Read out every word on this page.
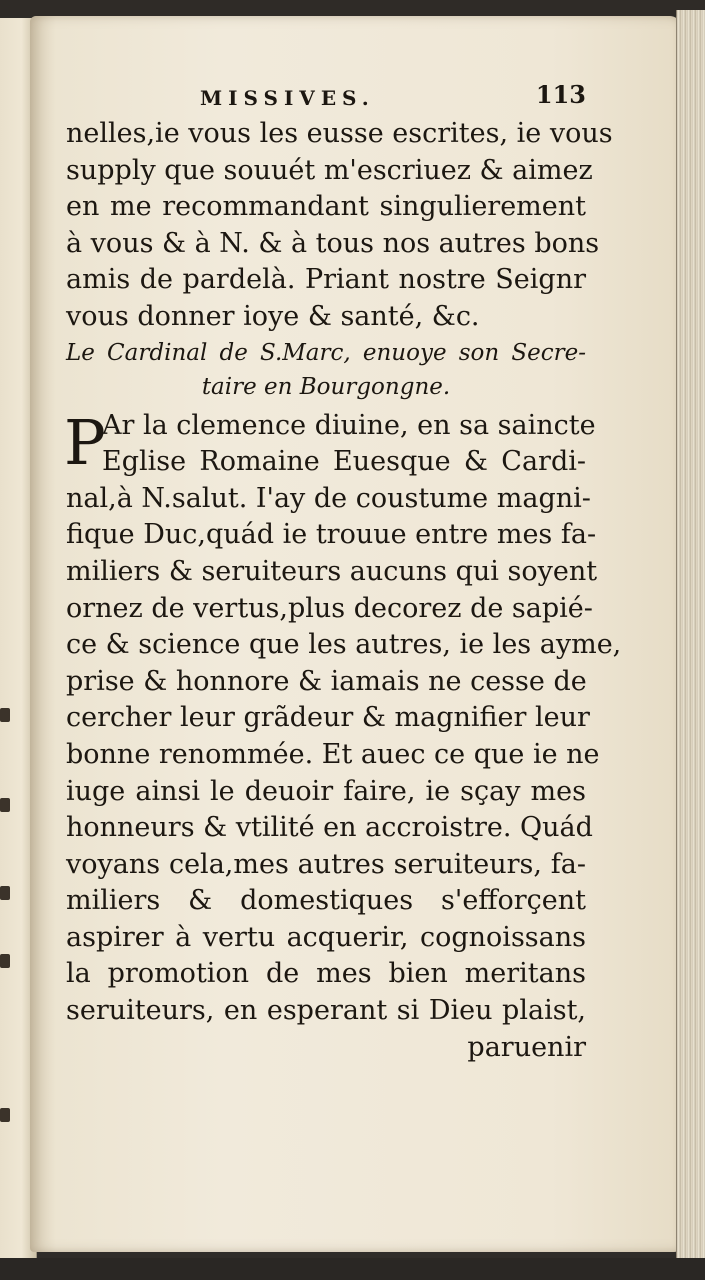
MISSIVES.	113
nelles,ie vous les eusse escrites, ie vous
supply que souuét m'escriuez & aimez
en me recommandant singulierement
à vous & à N. & à tous nos autres bons
amis de pardelà. Priant nostre Seignr
vous donner ioye & santé, &c.
Le Cardinal de S.Marc, enuoye son Secre-
taire en Bourgongne.
P
Ar la clemence diuine, en sa saincte
Eglise Romaine Euesque & Cardi-
nal,à N.salut. I'ay de coustume magni-
fique Duc,quád ie trouue entre mes fa-
miliers & seruiteurs aucuns qui soyent
ornez de vertus,plus decorez de sapié-
ce & science que les autres, ie les ayme,
prise & honnore & iamais ne cesse de
cercher leur grãdeur & magnifier leur
bonne renommée. Et auec ce que ie ne
iuge ainsi le deuoir faire, ie sçay mes
honneurs & vtilité en accroistre. Quád
voyans cela,mes autres seruiteurs, fa-
miliers & domestiques s'efforçent
aspirer à vertu acquerir, cognoissans
la promotion de mes bien meritans
seruiteurs, en esperant si Dieu plaist,
paruenir
